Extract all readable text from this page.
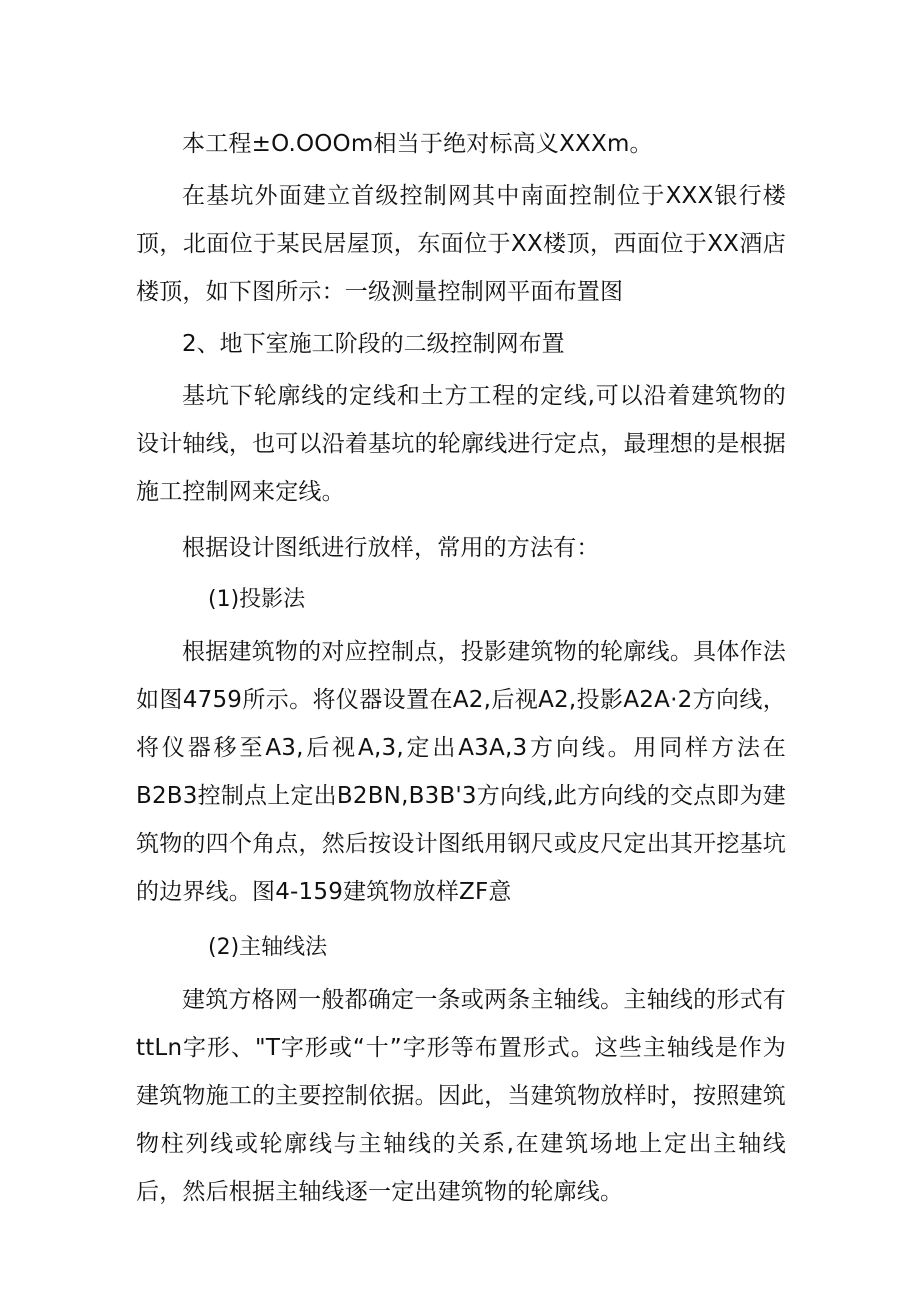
本工程±O.OOOm相当于绝对标高义XXXm。

在基坑外面建立首级控制网其中南面控制位于XXX银行楼顶，北面位于某民居屋顶，东面位于XX楼顶，西面位于XX酒店楼顶，如下图所示：一级测量控制网平面布置图

2、地下室施工阶段的二级控制网布置

基坑下轮廓线的定线和土方工程的定线,可以沿着建筑物的设计轴线，也可以沿着基坑的轮廓线进行定点，最理想的是根据施工控制网来定线。

根据设计图纸进行放样，常用的方法有：

(1)投影法

根据建筑物的对应控制点，投影建筑物的轮廓线。具体作法如图4759所示。将仪器设置在A2,后视A2,投影A2A·2方向线，将仪器移至A3,后视A,3,定出A3A,3方向线。用同样方法在B2B3控制点上定出B2BN,B3B'3方向线,此方向线的交点即为建筑物的四个角点，然后按设计图纸用钢尺或皮尺定出其开挖基坑的边界线。图4-159建筑物放样ZF意

(2)主轴线法

建筑方格网一般都确定一条或两条主轴线。主轴线的形式有ttLn字形、"T字形或“十”字形等布置形式。这些主轴线是作为建筑物施工的主要控制依据。因此，当建筑物放样时，按照建筑物柱列线或轮廓线与主轴线的关系,在建筑场地上定出主轴线后，然后根据主轴线逐一定出建筑物的轮廓线。
